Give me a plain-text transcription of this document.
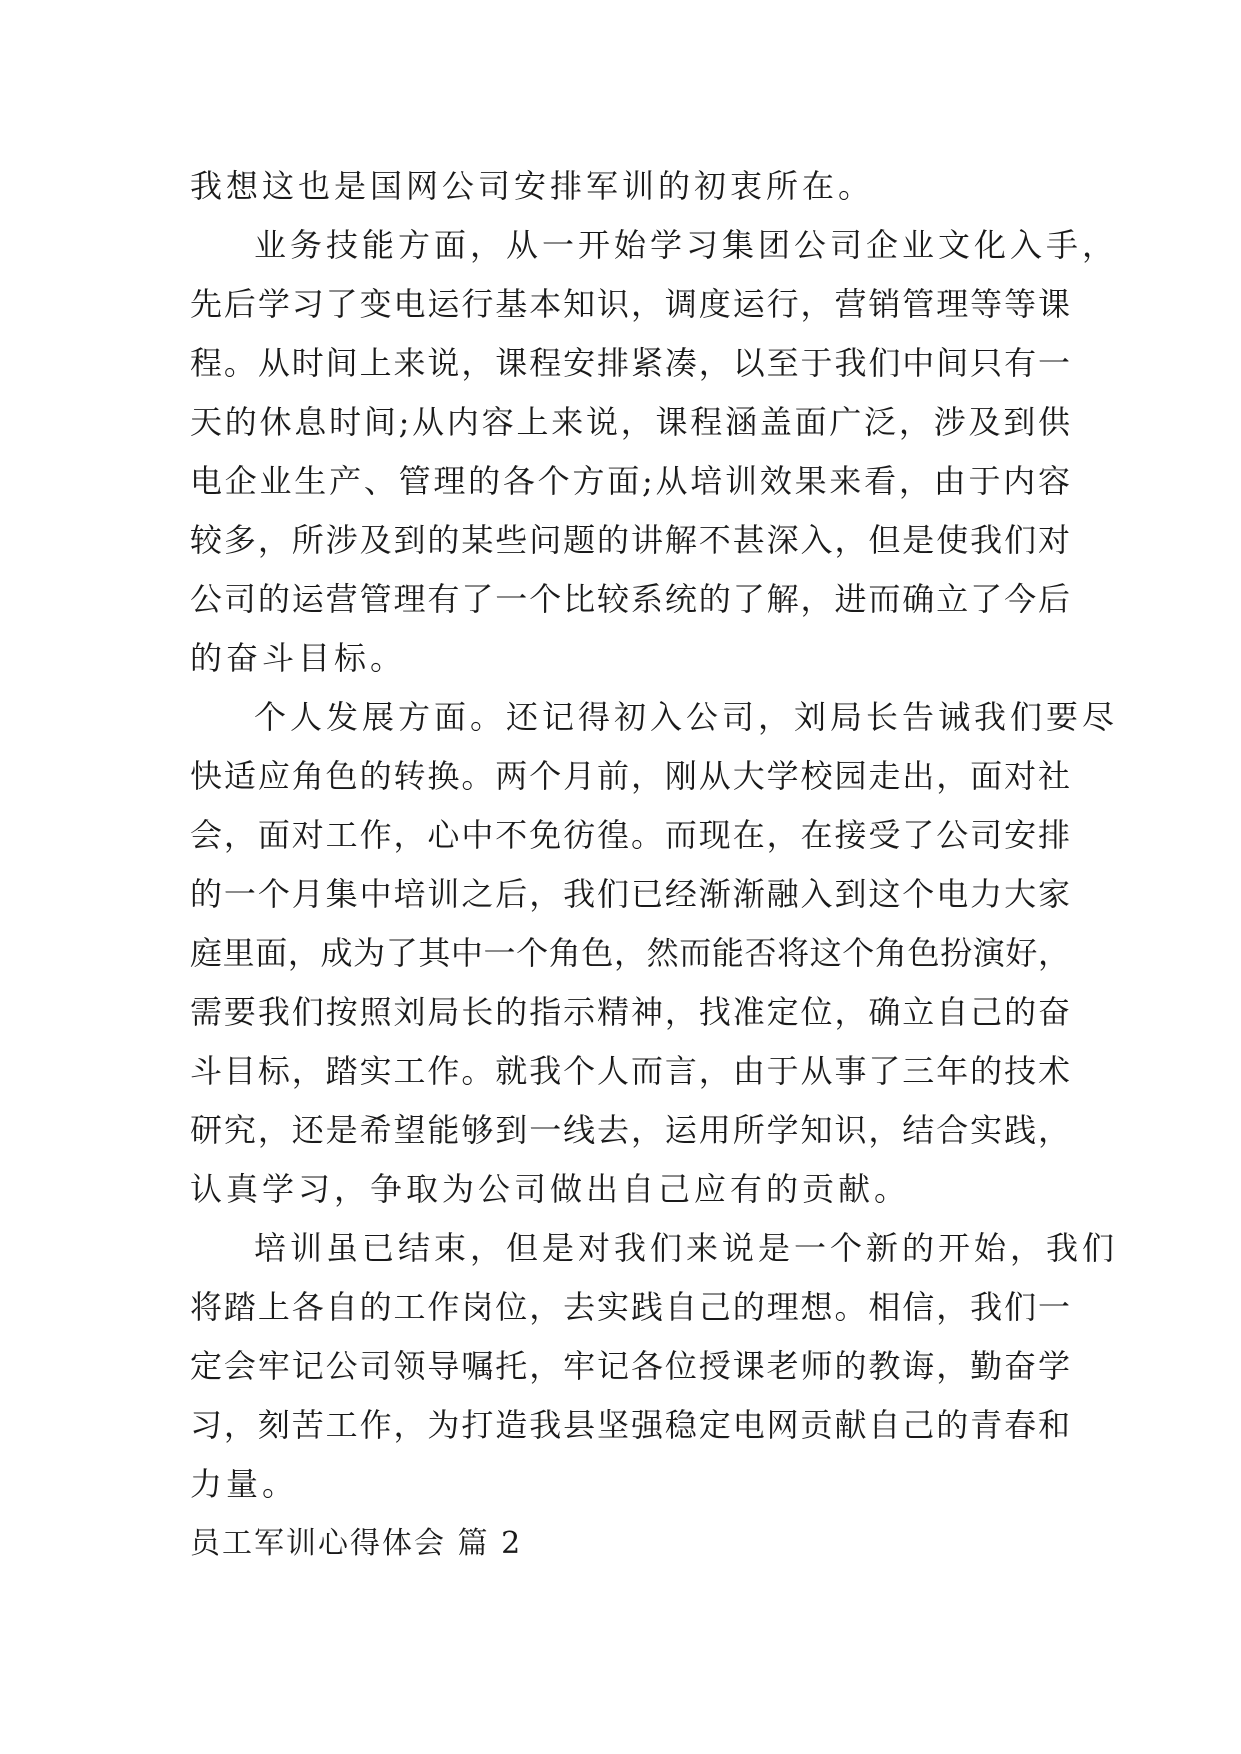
我想这也是国网公司安排军训的初衷所在。
业务技能方面，从一开始学习集团公司企业文化入手，
先后学习了变电运行基本知识，调度运行，营销管理等等课
程。从时间上来说，课程安排紧凑，以至于我们中间只有一
天的休息时间;从内容上来说，课程涵盖面广泛，涉及到供
电企业生产、管理的各个方面;从培训效果来看，由于内容
较多，所涉及到的某些问题的讲解不甚深入，但是使我们对
公司的运营管理有了一个比较系统的了解，进而确立了今后
的奋斗目标。
个人发展方面。还记得初入公司，刘局长告诫我们要尽
快适应角色的转换。两个月前，刚从大学校园走出，面对社
会，面对工作，心中不免彷徨。而现在，在接受了公司安排
的一个月集中培训之后，我们已经渐渐融入到这个电力大家
庭里面，成为了其中一个角色，然而能否将这个角色扮演好，
需要我们按照刘局长的指示精神，找准定位，确立自己的奋
斗目标，踏实工作。就我个人而言，由于从事了三年的技术
研究，还是希望能够到一线去，运用所学知识，结合实践，
认真学习，争取为公司做出自己应有的贡献。
培训虽已结束，但是对我们来说是一个新的开始，我们
将踏上各自的工作岗位，去实践自己的理想。相信，我们一
定会牢记公司领导嘱托，牢记各位授课老师的教诲，勤奋学
习，刻苦工作，为打造我县坚强稳定电网贡献自己的青春和
力量。
员工军训心得体会 篇 2
